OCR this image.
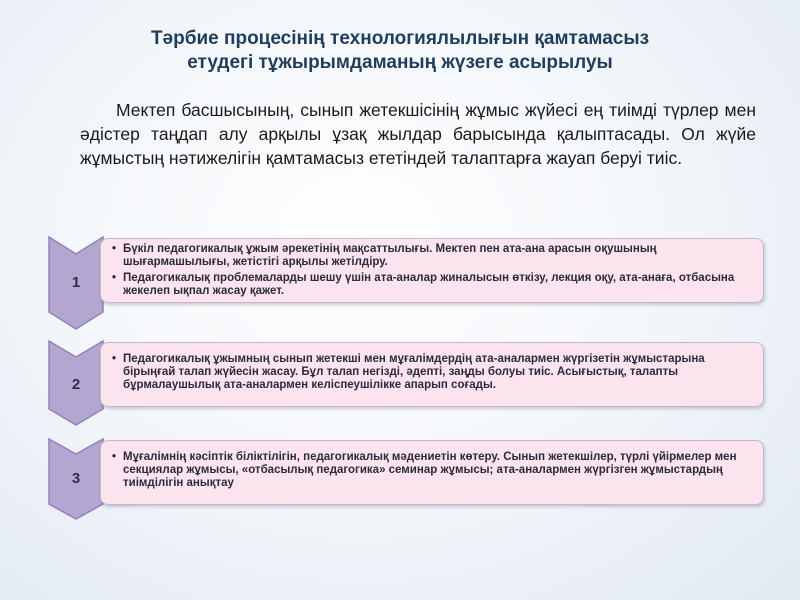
Тәрбие процесінің технологиялылығын қамтамасыз
етудегі тұжырымдаманың жүзеге асырылуы
Мектеп басшысының, сынып жетекшісінің жұмыс жүйесі ең тиімді түрлер мен әдістер таңдап алу арқылы ұзақ жылдар барысында қалыптасады. Ол жүйе жұмыстың нәтижелігін қамтамасыз ететіндей талаптарға жауап беруі тиіс.
1
• Бүкіл педагогикалық ұжым әрекетінің мақсаттылығы. Мектеп пен ата-ана арасын оқушының шығармашылығы, жетістігі арқылы жетілдіру.
• Педагогикалық проблемаларды шешу үшін ата-аналар жиналысын өткізу, лекция оқу, ата-анаға, отбасына жекелеп ықпал жасау қажет.
2
• Педагогикалық ұжымның сынып жетекші мен мұғалімдердің ата-аналармен жүргізетін жұмыстарына бірыңғай талап жүйесін жасау. Бұл талап негізді, әдепті, заңды болуы тиіс. Асығыстық, талапты бұрмалаушылық ата-аналармен келіспеушілікке апарып соғады.
3
• Мұғалімнің кәсіптік біліктілігін, педагогикалық мәдениетін көтеру. Сынып жетекшілер, түрлі үйірмелер мен секциялар жұмысы, «отбасылық педагогика» семинар жұмысы; ата-аналармен жүргізген жұмыстардың тиімділігін анықтау
